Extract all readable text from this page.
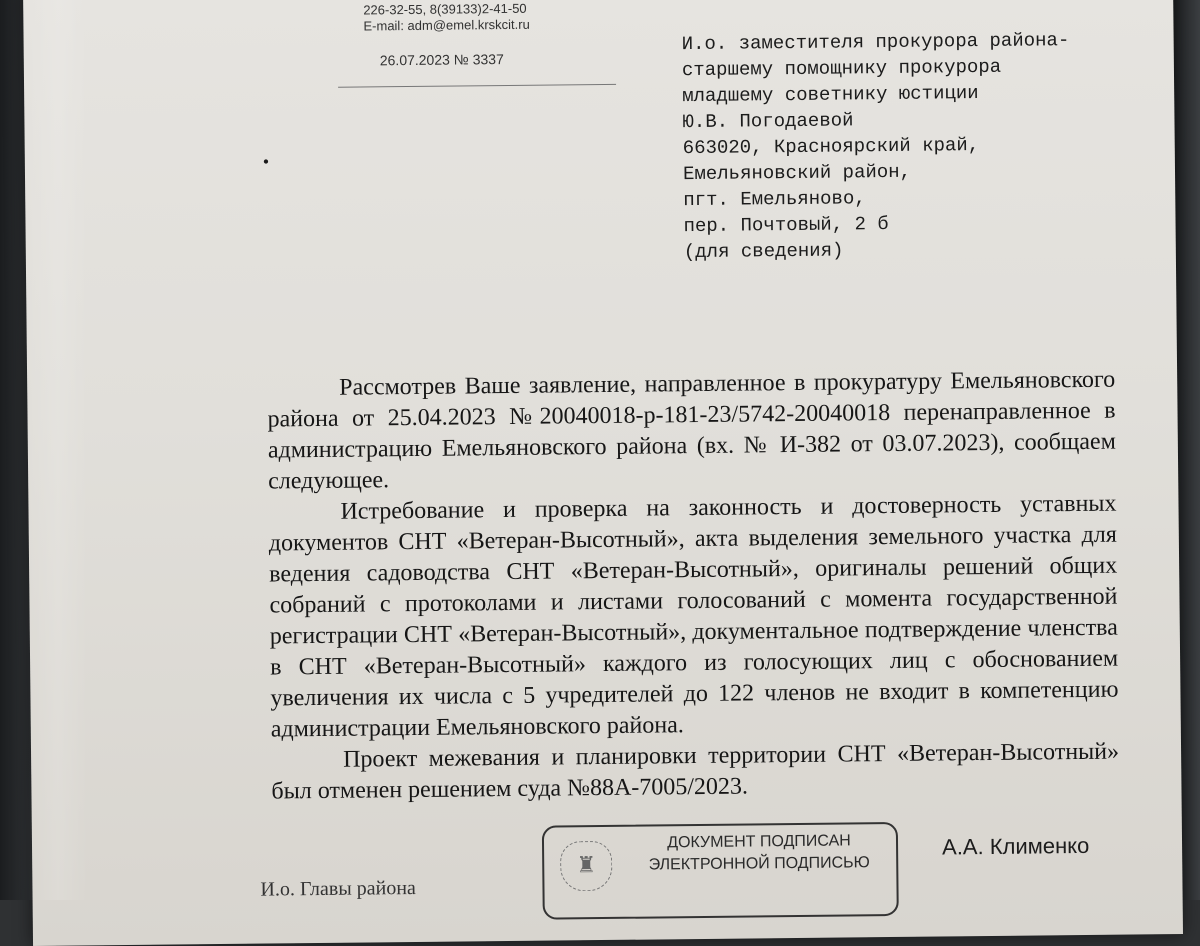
226-32-55, 8(39133)2-41-50
E-mail: adm@emel.krskcit.ru
26.07.2023 № 3337
•
И.о. заместителя прокурора района-
старшему помощнику прокурора
младшему советнику юстиции
Ю.В. Погодаевой
663020, Красноярский край,
Емельяновский район,
пгт. Емельяново,
пер. Почтовый, 2 б
(для сведения)

Рассмотрев Ваше заявление, направленное в прокуратуру Емельяновского района от 25.04.2023 №20040018-р-181-23/5742-20040018 перенаправленное в администрацию Емельяновского района (вх. № И-382 от 03.07.2023), сообщаем следующее.

Истребование и проверка на законность и достоверность уставных документов СНТ «Ветеран-Высотный», акта выделения земельного участка для ведения садоводства СНТ «Ветеран-Высотный», оригиналы решений общих собраний с протоколами и листами голосований с момента государственной регистрации СНТ «Ветеран-Высотный», документальное подтверждение членства в СНТ «Ветеран-Высотный» каждого из голосующих лиц с обоснованием увеличения их числа с 5 учредителей до 122 членов не входит в компетенцию администрации Емельяновского района.

Проект межевания и планировки территории СНТ «Ветеран-Высотный» был отменен решением суда №88А-7005/2023.

♜
ДОКУМЕНТ ПОДПИСАН
ЭЛЕКТРОННОЙ ПОДПИСЬЮ
А.А. Клименко
И.о. Главы района
